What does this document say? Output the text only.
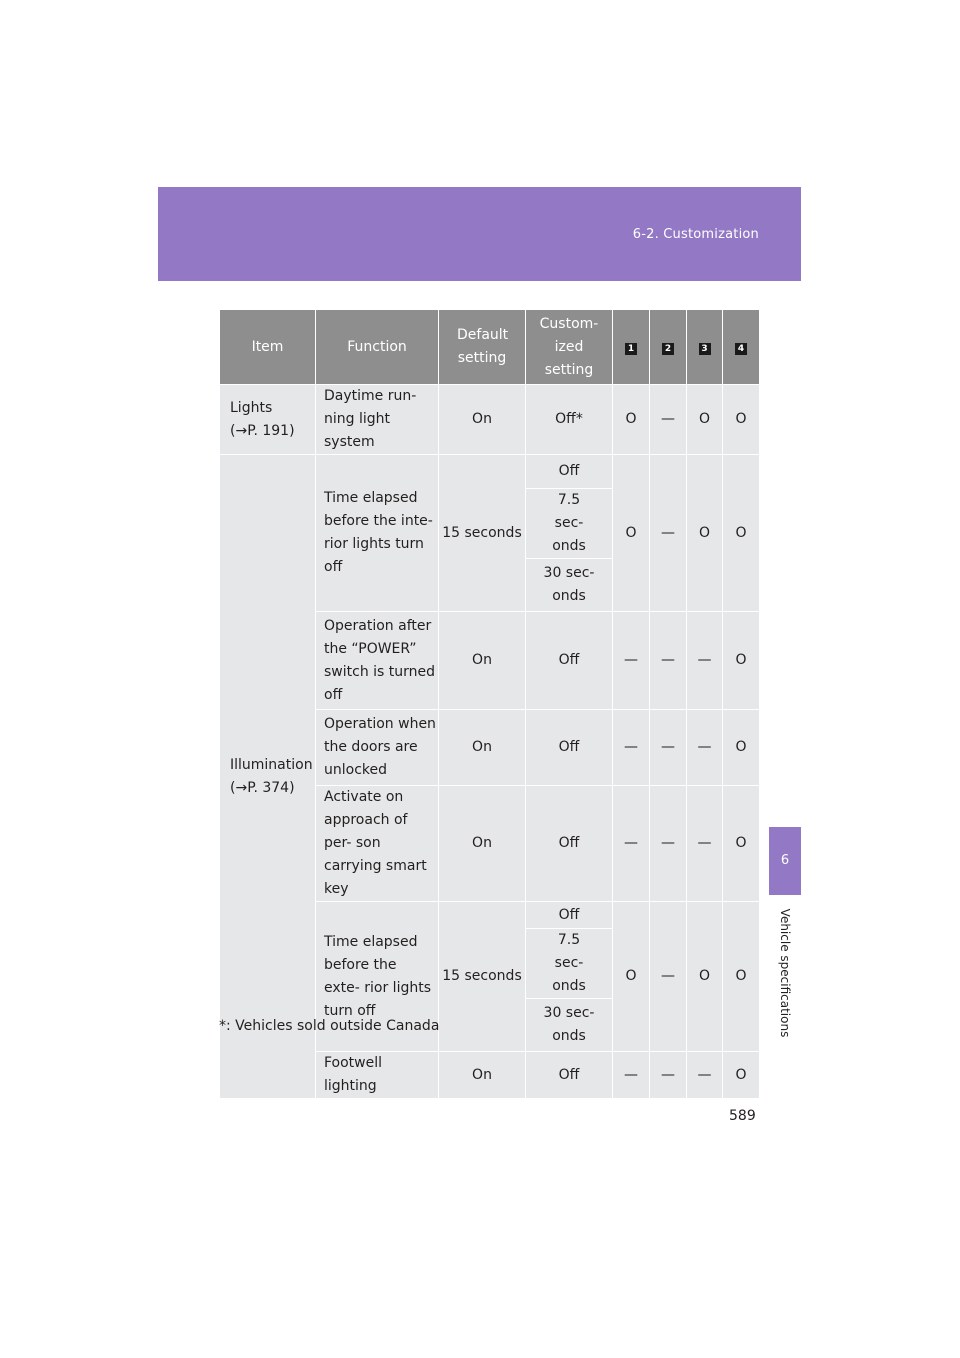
6-2. Customization
6
Vehicle specifications
Item	Function	Default setting	Custom- ized setting	1	2	3	4

Lights (→P. 191)	Daytime run- ning light system	On	Off*	O	—	O	O

Illumination (→P. 374)	Time elapsed before the inte- rior lights turn off	15 seconds	Off	O	—	O	O

			7.5 sec- onds				

			30 sec- onds				

	Operation after the “POWER” switch is turned off	On	Off	—	—	—	O

	Operation when the doors are unlocked	On	Off	—	—	—	O

	Activate on approach of per- son carrying smart key	On	Off	—	—	—	O
	Time elapsed before the exte- rior lights turn off	15 seconds	Off	O	—	O	O

			7.5 sec- onds				

			30 sec- onds				

	Footwell lighting	On	Off	—	—	—	O
*: Vehicles sold outside Canada
589
